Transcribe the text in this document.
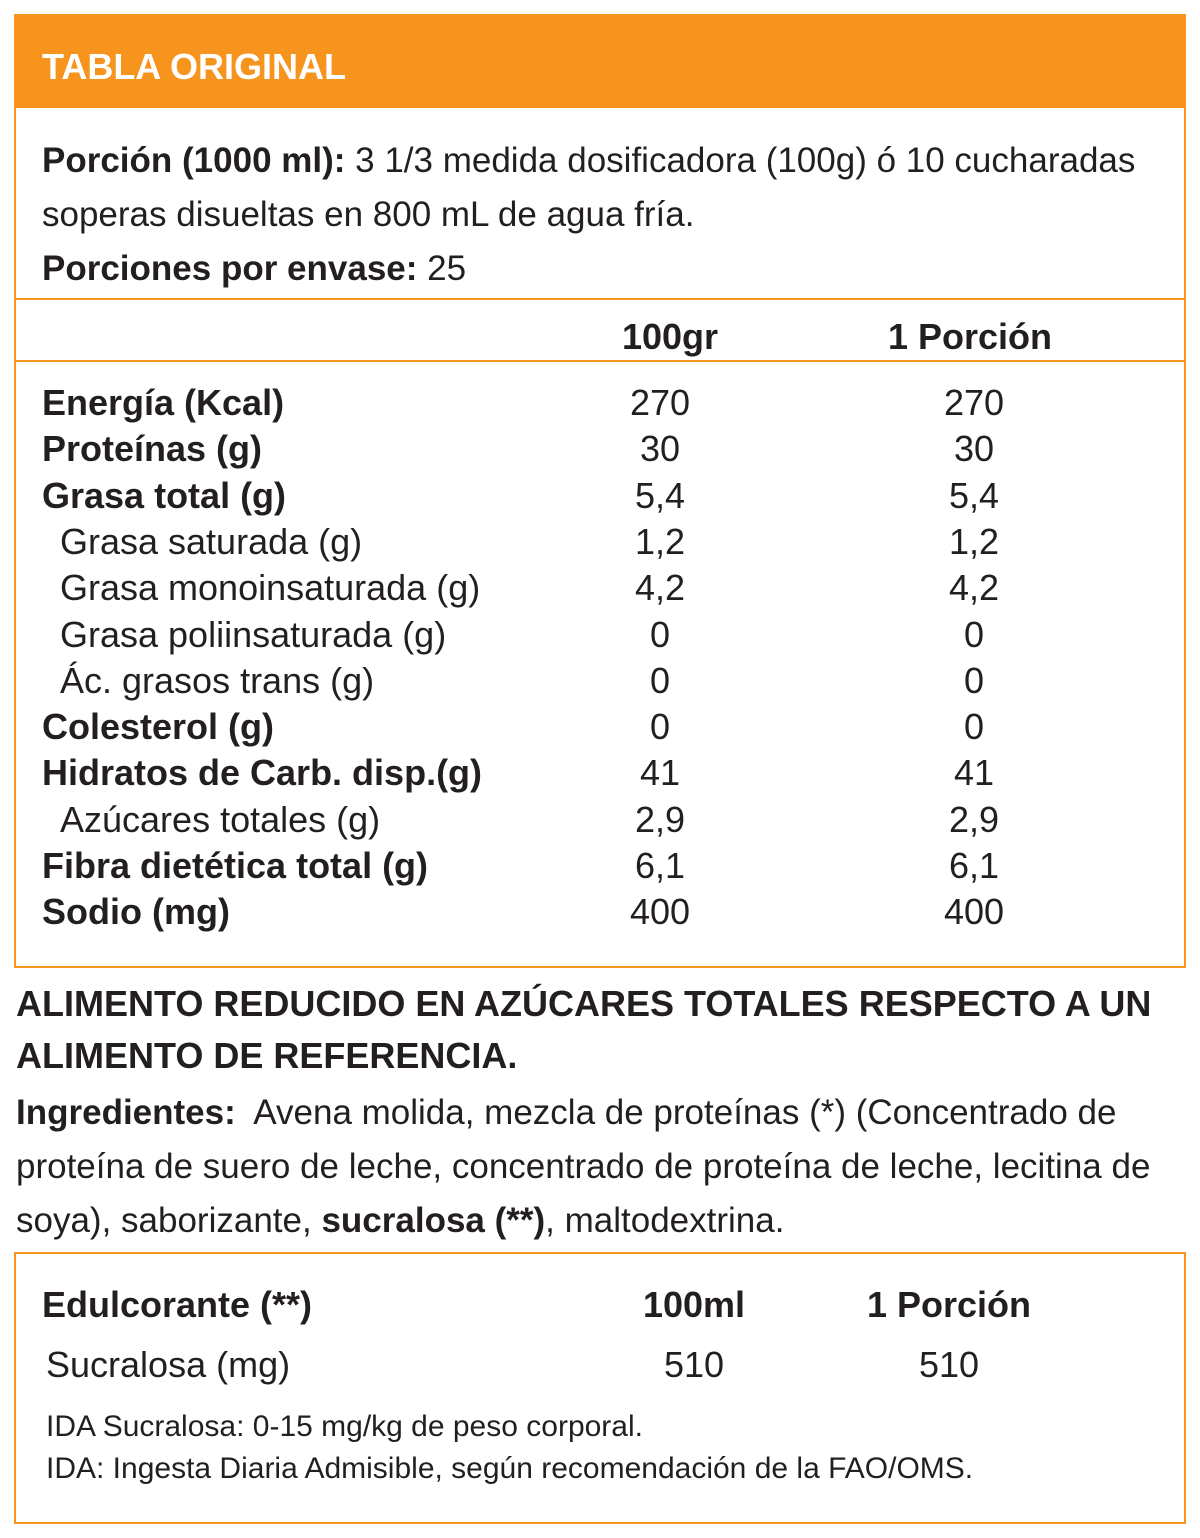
TABLA ORIGINAL
Porción (1000 ml): 3 1/3 medida dosificadora (100g) ó 10 cucharadas soperas disueltas en 800 mL de agua fría.
Porciones por envase: 25
100gr	1 Porción
Energía (Kcal)	270	270
Proteínas (g)	30	30
Grasa total (g)	5,4	5,4
Grasa saturada (g)	1,2	1,2
Grasa monoinsaturada (g)	4,2	4,2
Grasa poliinsaturada (g)	0	0
Ác. grasos trans (g)	0	0
Colesterol (g)	0	0
Hidratos de Carb. disp.(g)	41	41
Azúcares totales (g)	2,9	2,9
Fibra dietética total (g)	6,1	6,1
Sodio (mg)	400	400
ALIMENTO REDUCIDO EN AZÚCARES TOTALES RESPECTO A UN ALIMENTO DE REFERENCIA.
Ingredientes: Avena molida, mezcla de proteínas (*) (Concentrado de proteína de suero de leche, concentrado de proteína de leche, lecitina de soya), saborizante, sucralosa (**), maltodextrina.
Edulcorante (**)	100ml	1 Porción
Sucralosa (mg)	510	510
IDA Sucralosa: 0-15 mg/kg de peso corporal.
IDA: Ingesta Diaria Admisible, según recomendación de la FAO/OMS.
